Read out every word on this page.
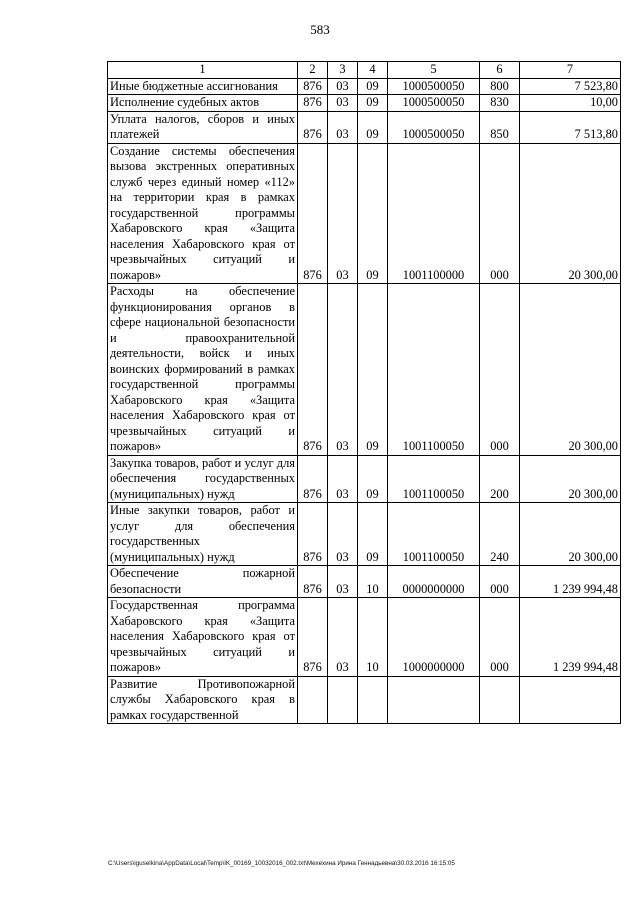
583
1	2	3	4	5	6	7
Иные бюджетные ассигнования	876	03	09	1000500050	800	7 523,80
Исполнение судебных актов	876	03	09	1000500050	830	10,00
Уплата налогов, сборов и иных платежей	876	03	09	1000500050	850	7 513,80
Создание системы обеспечения вызова экстренных оперативных служб через единый номер «112» на территории края в рамках государственной программы Хабаровского края «Защита населения Хабаровского края от чрезвычайных ситуаций и пожаров»	876	03	09	1001100000	000	20 300,00
Расходы на обеспечение функционирования органов в сфере национальной безопасности и правоохранительной деятельности, войск и иных воинских формирований в рамках государственной программы Хабаровского края «Защита населения Хабаровского края от чрезвычайных ситуаций и пожаров»	876	03	09	1001100050	000	20 300,00
Закупка товаров, работ и услуг для обеспечения государственных (муниципальных) нужд	876	03	09	1001100050	200	20 300,00
Иные закупки товаров, работ и услуг для обеспечения государственных (муниципальных) нужд	876	03	09	1001100050	240	20 300,00
Обеспечение пожарной безопасности	876	03	10	0000000000	000	1 239 994,48
Государственная программа Хабаровского края «Защита населения Хабаровского края от чрезвычайных ситуаций и пожаров»	876	03	10	1000000000	000	1 239 994,48
Развитие Противопожарной службы Хабаровского края в рамках государственной						
C:\Users\iguselkina\AppData\Local\Temp\IK_00169_10032016_002.txt\Мехехина Ирина Геннадьевна\30.03.2016 16:15:05
